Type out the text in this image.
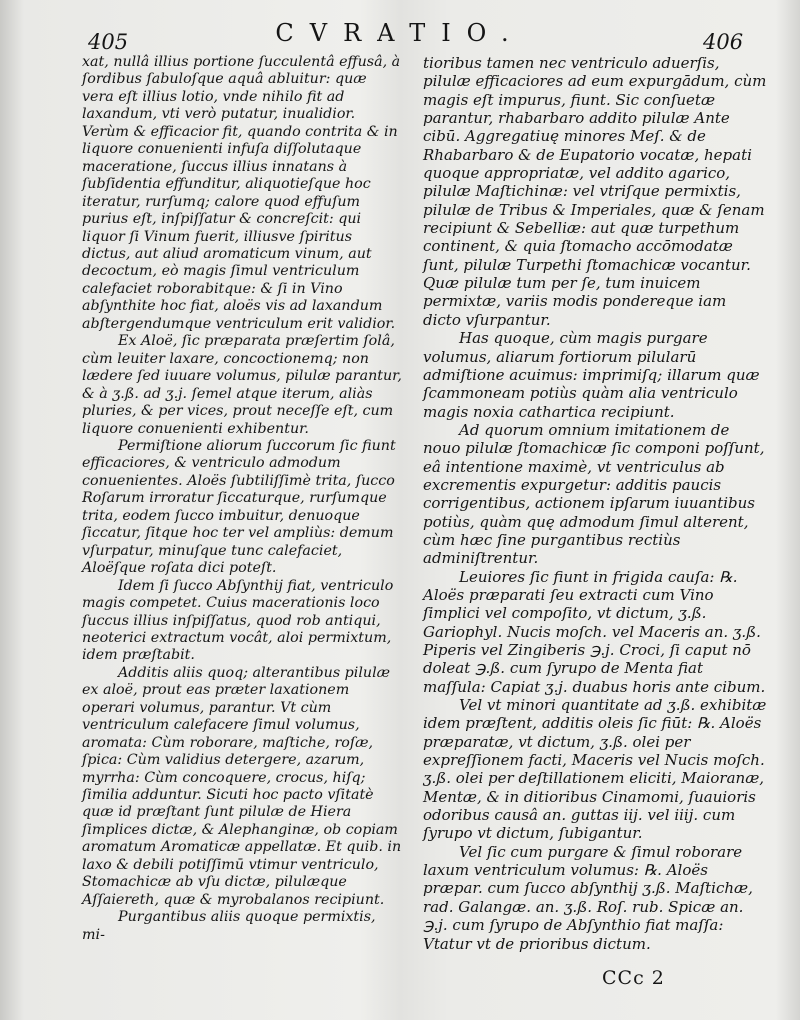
405	CVRATIO.	406

xat, nullâ illius portione ſucculentâ effusâ, à ſordibus ſabuloſque aquâ abluitur: quæ vera eſt illius lotio, vnde nihilo fit ad laxandum, vti verò putatur, inualidior. Verùm & efficacior fit, quando contrita & in liquore conuenienti infuſa diſſolutaque maceratione, ſuccus illius innatans à ſubſidentia effunditur, aliquotieſque hoc iteratur, rurſumq; calore quod effuſum purius eſt, inſpiſſatur & concreſcit: qui liquor ſi Vinum fuerit, illiusve ſpiritus dictus, aut aliud aromaticum vinum, aut decoctum, eò magis ſimul ventriculum calefaciet roborabitque: & ſi in Vino abſynthite hoc fiat, aloës vis ad laxandum abſtergendumque ventriculum erit validior.

Ex Aloë, ſic præparata præſertim ſolâ, cùm leuiter laxare, concoctionemq; non lædere ſed iuuare volumus, pilulæ parantur, & à ʒ.ß. ad ʒ.j. ſemel atque iterum, aliàs pluries, & per vices, prout neceſſe eſt, cum liquore conuenienti exhibentur.

Permiſtione aliorum ſuccorum ſic fiunt efficaciores, & ventriculo admodum conuenientes. Aloës ſubtiliſſimè trita, ſucco Roſarum irroratur ſiccaturque, rurſumque trita, eodem ſucco imbuitur, denuoque ſiccatur, ſitque hoc ter vel ampliùs: demum vſurpatur, minuſque tunc calefaciet, Aloëſque roſata dici poteſt.

Idem ſi ſucco Abſynthij fiat, ventriculo magis competet. Cuius macerationis loco ſuccus illius inſpiſſatus, quod rob antiqui, neoterici extractum vocât, aloi permixtum, idem præſtabit.

Additis aliis quoq; alterantibus pilulæ ex aloë, prout eas præter laxationem operari volumus, parantur. Vt cùm ventriculum calefacere ſimul volumus, aromata: Cùm roborare, maſtiche, roſæ, ſpica: Cùm validius detergere, azarum, myrrha: Cùm concoquere, crocus, hiſq; ſimilia adduntur. Sicuti hoc pacto vſitatè quæ id præſtant ſunt pilulæ de Hiera ſimplices dictæ, & Alephanginæ, ob copiam aromatum Aromaticæ appellatæ. Et quib. in laxo & debili potiſſimū vtimur ventriculo, Stomachicæ ab vſu dictæ, pilulæque Aſſaiereth, quæ & myrobalanos recipiunt.

Purgantibus aliis quoque permixtis, mi-

tioribus tamen nec ventriculo aduerſis, pilulæ efficaciores ad eum expurgādum, cùm magis eſt impurus, fiunt. Sic conſuetæ parantur, rhabarbaro addito pilulæ Ante cibū. Aggregatiuę minores Meſ. & de Rhabarbaro & de Eupatorio vocatæ, hepati quoque appropriatæ, vel addito agarico, pilulæ Maſtichinæ: vel vtriſque permixtis, pilulæ de Tribus & Imperiales, quæ & ſenam recipiunt & Sebelliæ: aut quæ turpethum continent, & quia ſtomacho accōmodatæ ſunt, pilulæ Turpethi ſtomachicæ vocantur. Quæ pilulæ tum per ſe, tum inuicem permixtæ, variis modis pondereque iam dicto vſurpantur.

Has quoque, cùm magis purgare volumus, aliarum fortiorum pilularū admiſtione acuimus: imprimiſq; illarum quæ ſcammoneam potiùs quàm alia ventriculo magis noxia cathartica recipiunt.

Ad quorum omnium imitationem de nouo pilulæ ſtomachicæ ſic componi poſſunt, eâ intentione maximè, vt ventriculus ab excrementis expurgetur: additis paucis corrigentibus, actionem ipſarum iuuantibus potiùs, quàm quę admodum ſimul alterent, cùm hæc ſine purgantibus rectiùs adminiſtrentur.

Leuiores ſic fiunt in frigida cauſa: ℞. Aloës præparati ſeu extracti cum Vino ſimplici vel compoſito, vt dictum, ʒ.ß. Gariophyl. Nucis moſch. vel Maceris an. ʒ.ß. Piperis vel Zingiberis ℈.j. Croci, ſi caput nō doleat ℈.ß. cum ſyrupo de Menta fiat maſſula: Capiat ʒ.j. duabus horis ante cibum.

Vel vt minori quantitate ad ʒ.ß. exhibitæ idem præſtent, additis oleis ſic fiūt: ℞. Aloës præparatæ, vt dictum, ʒ.ß. olei per expreſſionem facti, Maceris vel Nucis moſch. ʒ.ß. olei per deſtillationem eliciti, Maioranæ, Mentæ, & in ditioribus Cinamomi, ſuauioris odoribus causâ an. guttas iij. vel iiij. cum ſyrupo vt dictum, ſubigantur.

Vel ſic cum purgare & ſimul roborare laxum ventriculum volumus: ℞. Aloës præpar. cum ſucco abſynthij ʒ.ß. Maſtichæ, rad. Galangæ. an. ʒ.ß. Roſ. rub. Spicæ an. ℈.j. cum ſyrupo de Abſynthio fiat maſſa: Vtatur vt de prioribus dictum.

CCc 2
